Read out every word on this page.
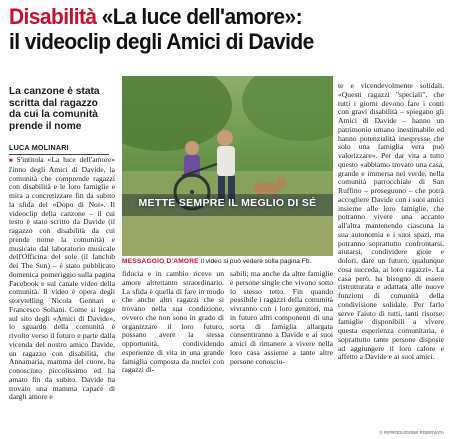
Disabilità «La luce dell'amore»:
il videoclip degli Amici di Davide
La canzone è stata scritta dal ragazzo da cui la comunità prende il nome
LUCA MOLINARI

■ S'intitola «La luce dell'amore» l'inno degli Amici di Davide, la comunità che comprende ragazzi con disabilità e le loro famiglie e mira a concretizzare fin da subito la sfida del «Dopo di Noi». Il videoclip della canzone – il cui testo è stato scritto da Davide (il ragazzo con disabilità da cui prende nome la comunità) e musicato dal laboratorio musicale dell'Officina del sole (il fanclub dei The Sun) – è stato pubblicato domenica pomeriggio sulla pagina Facebook e sul canale video della comunità. Il video è opera degli storytelling Nicola Gennari e Francesco Soliani. Come si legge sul sito degli «Amici di Davide», lo sguardo della comunità è rivolto verso il futuro e parte dalla vicenda del nostro amico Davide, un ragazzo con disabilità, che Annamaria, mamma del cuore, ha conosciuto piccolissimo ed ha amato fin da subito. Davide ha trovato una mamma capace di dargli amore e

METTE SEMPRE IL MEGLIO DI SÉ
MESSAGGIO D'AMORE Il video si può vedere sulla pagina Fb.
fiducia e in cambio riceve un amore altrettanto straordinario. La sfida è quella di fare in modo che anche altri ragazzi che si trovano nella sua condizione, ovvero che non sono in grado di organizzare il loro futuro, possano avere la stessa opportunità, condividendo esperienze di vita in una grande famiglia composta da nuclei con ragazzi di-
sabili; ma anche da altre famiglie e persone single che vivono sotto lo stesso tetto. Fin quando possibile i ragazzi della comunità vivranno con i loro genitori, ma in futuro altri componenti di una sorta di famiglia allargata consentiranno a Davide e ai suoi amici di rimanere a vivere nella loro casa assieme a tante altre persone conosciu-
te e vicendevolmente solidali. «Questi ragazzi "speciali", che tutti i giorni devono fare i conti con gravi disabilità – spiegano gli Amici di Davide – hanno un patrimonio umano inestimabile ed hanno potenzialità inespresse che solo una famiglia vera può valorizzare». Per dar vita a tutto questo «abbiamo trovato una casa, grande e immersa nel verde, nella comunità parrocchiale di San Ruffino – proseguono – che potrà accogliere Davide con i suoi amici insieme alle loro famiglie, che potranno vivere una accanto all'altra mantenendo ciascuna la sua autonomia e i suoi spazi, ma potranno soprattutto confrontarsi, aiutarsi, condividere gioie e dolori, dare un futuro, qualunque cosa succeda, ai loro ragazzi». La casa però, ha bisogno di essere ristrutturata e adattata alle nuove funzioni di comunità della condivisione solidale. Per farlo serve l'aiuto di tutti, tanti risorse, famiglie disponibili a vivere questa esperienza comunitaria, e soprattutto tante persone disposte ad aggiungere il loro calore e affetto a Davide e ai suoi amici.
© RIPRODUZIONE RISERVATA
